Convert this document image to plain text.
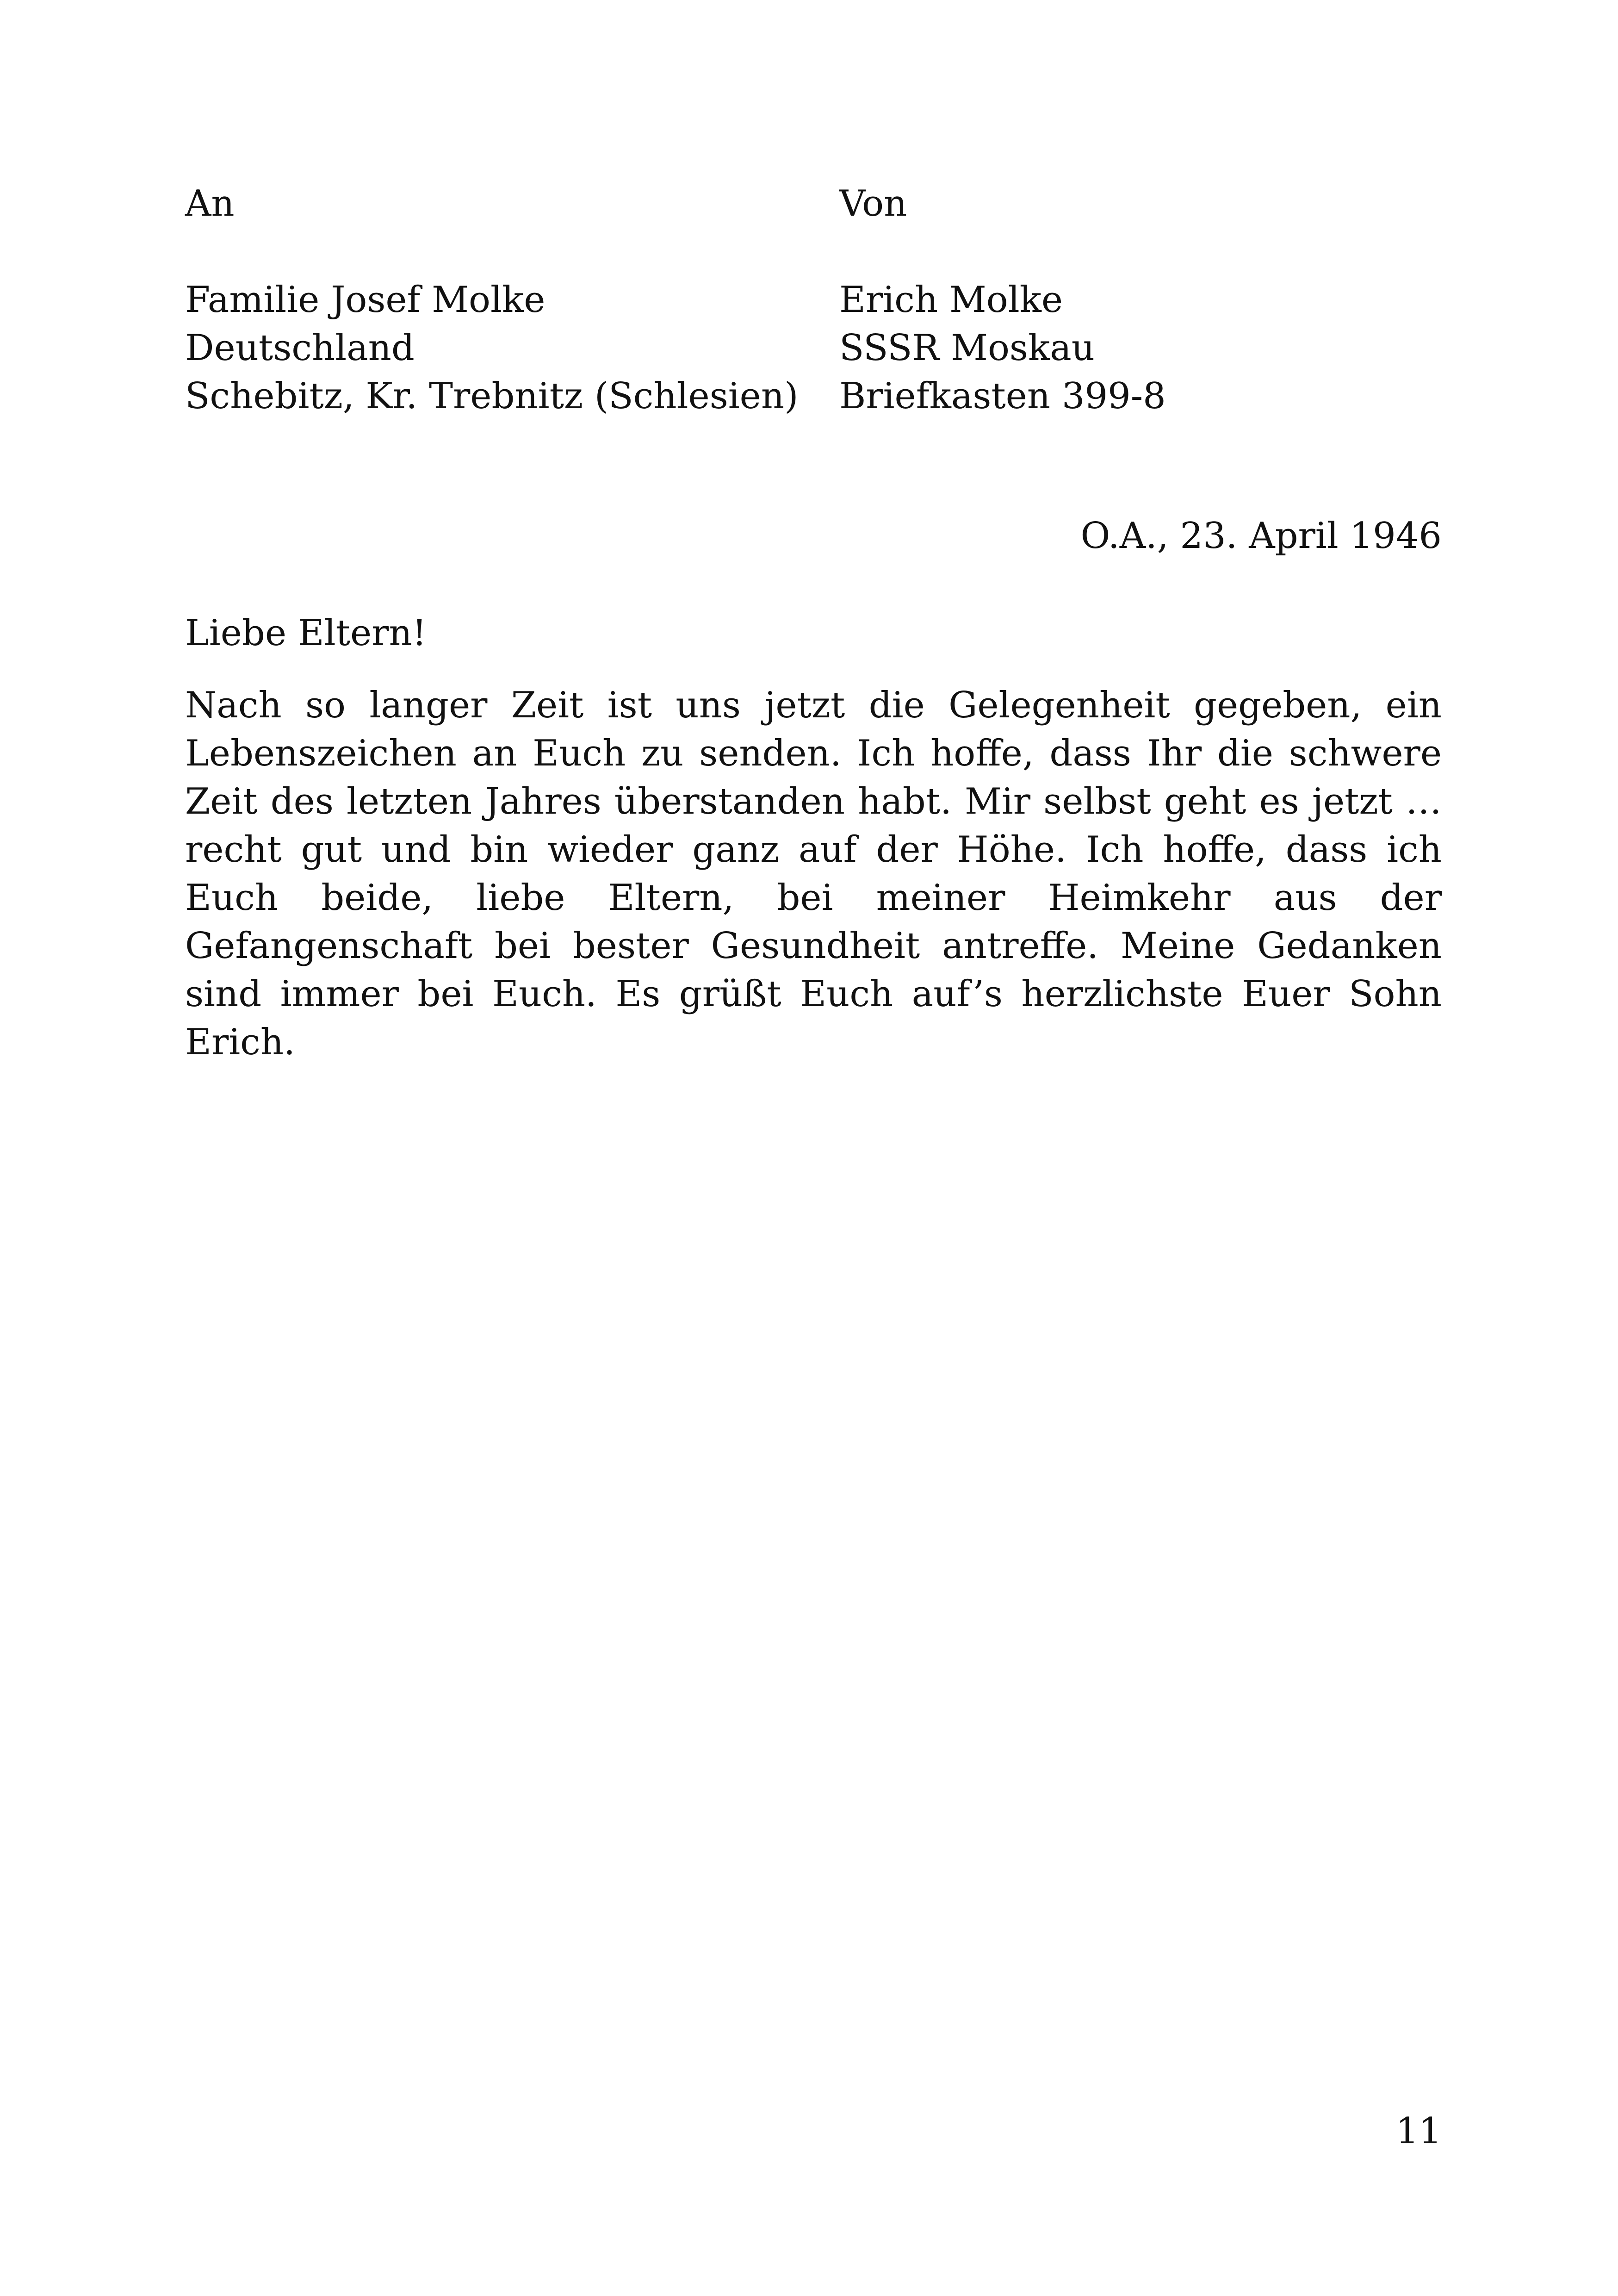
An
Familie Josef Molke
Deutschland
Schebitz, Kr. Trebnitz (Schlesien)
Von
Erich Molke
SSSR Moskau
Briefkasten 399-8
O.A., 23. April 1946
Liebe Eltern!

Nach so langer Zeit ist uns jetzt die Gelegenheit gegeben, ein Lebenszeichen an Euch zu senden. Ich hoffe, dass Ihr die schwere Zeit des letzten Jahres überstanden habt. Mir selbst geht es jetzt … recht gut und bin wieder ganz auf der Höhe. Ich hoffe, dass ich Euch beide, liebe Eltern, bei meiner Heimkehr aus der Gefangenschaft bei bester Gesundheit antreffe. Meine Gedanken sind immer bei Euch. Es grüßt Euch auf’s herzlichste Euer Sohn Erich.

11
